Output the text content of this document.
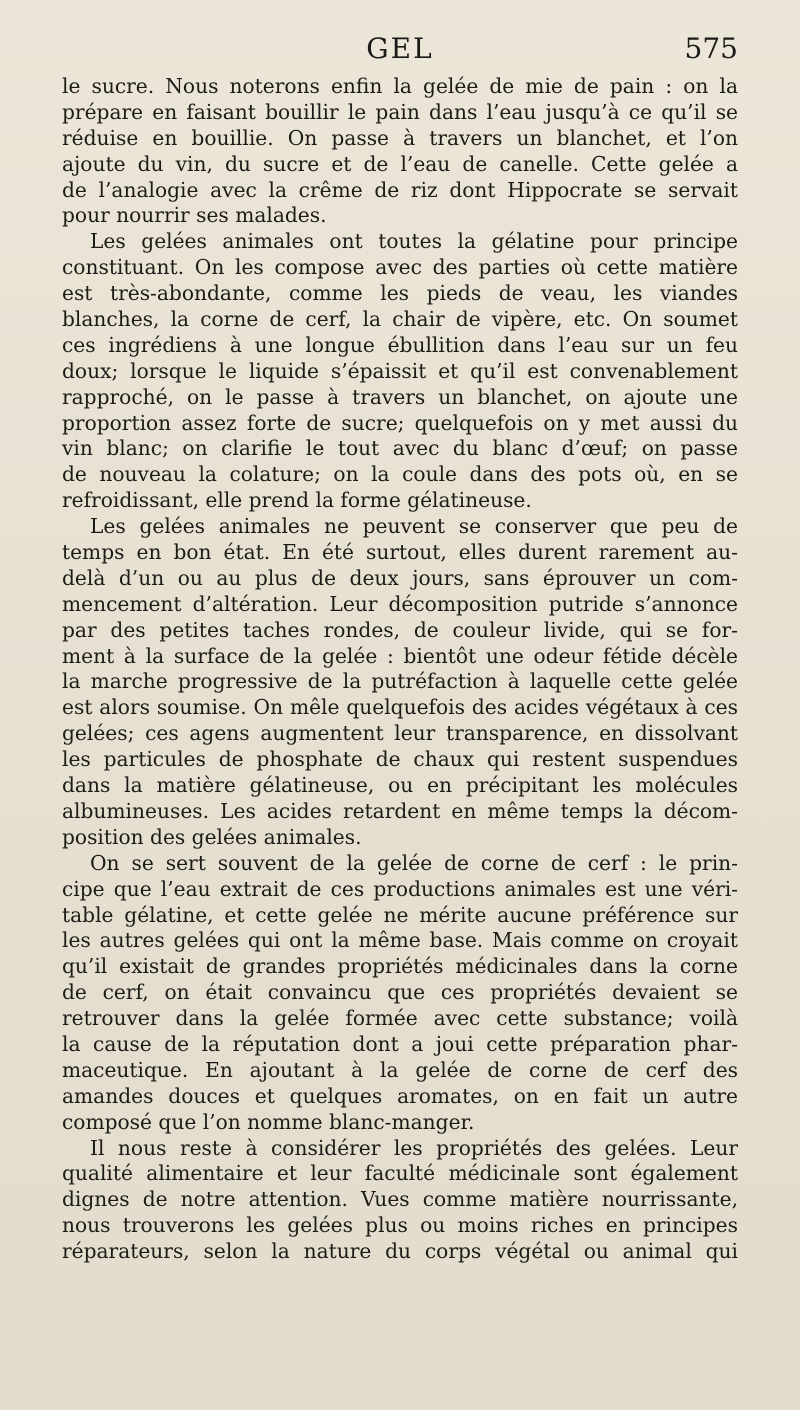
GEL	575
le sucre. Nous noterons enfin la gelée de mie de pain : on la
prépare en faisant bouillir le pain dans l’eau jusqu’à ce qu’il se
réduise en bouillie. On passe à travers un blanchet, et l’on
ajoute du vin, du sucre et de l’eau de canelle. Cette gelée a
de l’analogie avec la crême de riz dont Hippocrate se servait
pour nourrir ses malades.
Les gelées animales ont toutes la gélatine pour principe
constituant. On les compose avec des parties où cette matière
est très-abondante, comme les pieds de veau, les viandes
blanches, la corne de cerf, la chair de vipère, etc. On soumet
ces ingrédiens à une longue ébullition dans l’eau sur un feu
doux; lorsque le liquide s’épaissit et qu’il est convenablement
rapproché, on le passe à travers un blanchet, on ajoute une
proportion assez forte de sucre; quelquefois on y met aussi du
vin blanc; on clarifie le tout avec du blanc d’œuf; on passe
de nouveau la colature; on la coule dans des pots où, en se
refroidissant, elle prend la forme gélatineuse.
Les gelées animales ne peuvent se conserver que peu de
temps en bon état. En été surtout, elles durent rarement au-
delà d’un ou au plus de deux jours, sans éprouver un com-
mencement d’altération. Leur décomposition putride s’annonce
par des petites taches rondes, de couleur livide, qui se for-
ment à la surface de la gelée : bientôt une odeur fétide décèle
la marche progressive de la putréfaction à laquelle cette gelée
est alors soumise. On mêle quelquefois des acides végétaux à ces
gelées; ces agens augmentent leur transparence, en dissolvant
les particules de phosphate de chaux qui restent suspendues
dans la matière gélatineuse, ou en précipitant les molécules
albumineuses. Les acides retardent en même temps la décom-
position des gelées animales.
On se sert souvent de la gelée de corne de cerf : le prin-
cipe que l’eau extrait de ces productions animales est une véri-
table gélatine, et cette gelée ne mérite aucune préférence sur
les autres gelées qui ont la même base. Mais comme on croyait
qu’il existait de grandes propriétés médicinales dans la corne
de cerf, on était convaincu que ces propriétés devaient se
retrouver dans la gelée formée avec cette substance; voilà
la cause de la réputation dont a joui cette préparation phar-
maceutique. En ajoutant à la gelée de corne de cerf des
amandes douces et quelques aromates, on en fait un autre
composé que l’on nomme blanc-manger.
Il nous reste à considérer les propriétés des gelées. Leur
qualité alimentaire et leur faculté médicinale sont également
dignes de notre attention. Vues comme matière nourrissante,
nous trouverons les gelées plus ou moins riches en principes
réparateurs, selon la nature du corps végétal ou animal qui
